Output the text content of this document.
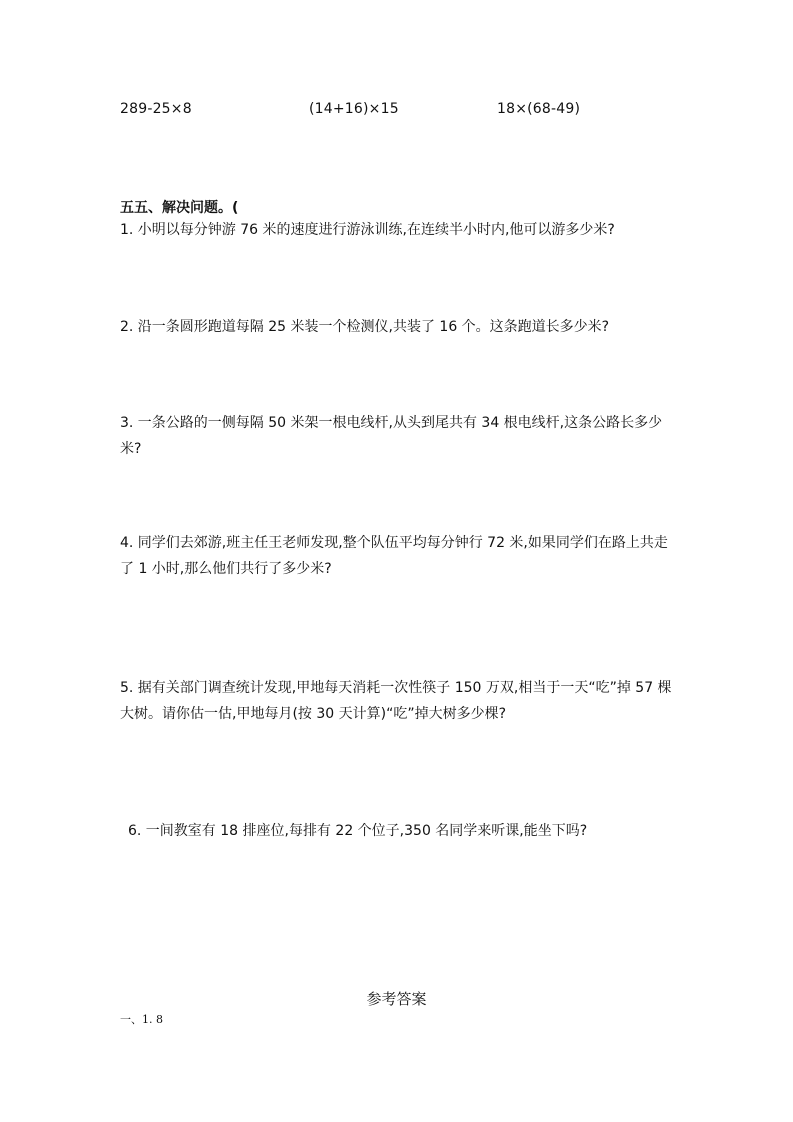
289-25×8	(14+16)×15	18×(68-49)
五五、解决问题。(
1. 小明以每分钟游 76 米的速度进行游泳训练,在连续半小时内,他可以游多少米?
2. 沿一条圆形跑道每隔 25 米装一个检测仪,共装了 16 个。这条跑道长多少米?
3. 一条公路的一侧每隔 50 米架一根电线杆,从头到尾共有 34 根电线杆,这条公路长多少米?
4. 同学们去郊游,班主任王老师发现,整个队伍平均每分钟行 72 米,如果同学们在路上共走了 1 小时,那么他们共行了多少米?
5. 据有关部门调查统计发现,甲地每天消耗一次性筷子 150 万双,相当于一天“吃”掉 57 棵大树。请你估一估,甲地每月(按 30 天计算)“吃”掉大树多少棵?
6. 一间教室有 18 排座位,每排有 22 个位子,350 名同学来听课,能坐下吗?
参考答案
一、1. 8
